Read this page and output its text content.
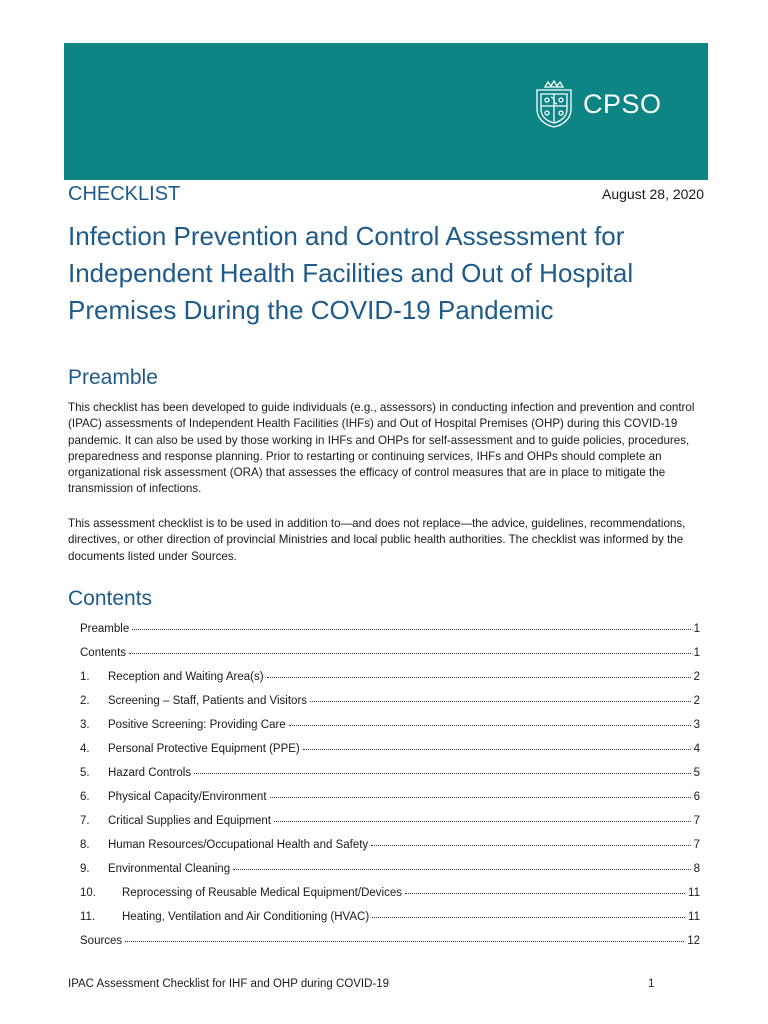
CPSO
CHECKLIST	August 28, 2020
Infection Prevention and Control Assessment for Independent Health Facilities and Out of Hospital Premises During the COVID-19 Pandemic
Preamble

This checklist has been developed to guide individuals (e.g., assessors) in conducting infection and prevention and control (IPAC) assessments of Independent Health Facilities (IHFs) and Out of Hospital Premises (OHP) during this COVID-19 pandemic. It can also be used by those working in IHFs and OHPs for self-assessment and to guide policies, procedures, preparedness and response planning. Prior to restarting or continuing services, IHFs and OHPs should complete an organizational risk assessment (ORA) that assesses the efficacy of control measures that are in place to mitigate the transmission of infections.

This assessment checklist is to be used in addition to—and does not replace—the advice, guidelines, recommendations, directives, or other direction of provincial Ministries and local public health authorities. The checklist was informed by the documents listed under Sources.

Contents
Preamble	1
Contents	1
1.	Reception and Waiting Area(s)	2
2.	Screening – Staff, Patients and Visitors	2
3.	Positive Screening: Providing Care	3
4.	Personal Protective Equipment (PPE)	4
5.	Hazard Controls	5
6.	Physical Capacity/Environment	6
7.	Critical Supplies and Equipment	7
8.	Human Resources/Occupational Health and Safety	7
9.	Environmental Cleaning	8
10.	Reprocessing of Reusable Medical Equipment/Devices	11
11.	Heating, Ventilation and Air Conditioning (HVAC)	11
Sources	12
IPAC Assessment Checklist for IHF and OHP during COVID-19	1
